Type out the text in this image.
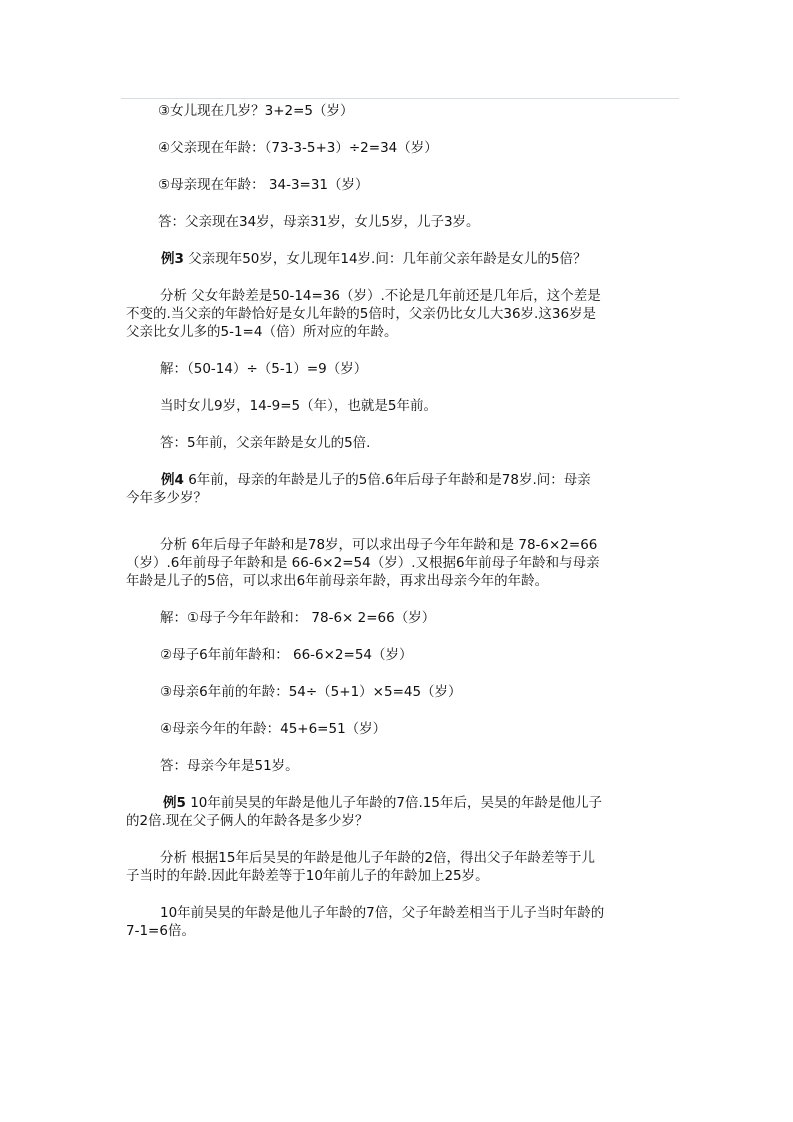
③女儿现在几岁？3+2=5（岁）
④父亲现在年龄：（73-3-5+3）÷2=34（岁）
⑤母亲现在年龄： 34-3=31（岁）
答：父亲现在34岁，母亲31岁，女儿5岁，儿子3岁。
例3 父亲现年50岁，女儿现年14岁.问：几年前父亲年龄是女儿的5倍？
分析 父女年龄差是50-14=36（岁）.不论是几年前还是几年后，这个差是
不变的.当父亲的年龄恰好是女儿年龄的5倍时，父亲仍比女儿大36岁.这36岁是
父亲比女儿多的5-1=4（倍）所对应的年龄。
解：（50-14）÷（5-1）=9（岁）
当时女儿9岁，14-9=5（年），也就是5年前。
答：5年前，父亲年龄是女儿的5倍.
例4 6年前，母亲的年龄是儿子的5倍.6年后母子年龄和是78岁.问：母亲
今年多少岁？
分析 6年后母子年龄和是78岁，可以求出母子今年年龄和是 78-6×2=66
（岁）.6年前母子年龄和是 66-6×2=54（岁）.又根据6年前母子年龄和与母亲
年龄是儿子的5倍，可以求出6年前母亲年龄，再求出母亲今年的年龄。
解：①母子今年年龄和： 78-6× 2=66（岁）
②母子6年前年龄和： 66-6×2=54（岁）
③母亲6年前的年龄：54÷（5+1）×5=45（岁）
④母亲今年的年龄：45+6=51（岁）
答：母亲今年是51岁。
例5 10年前吴昊的年龄是他儿子年龄的7倍.15年后，吴昊的年龄是他儿子
的2倍.现在父子俩人的年龄各是多少岁？
分析 根据15年后吴昊的年龄是他儿子年龄的2倍，得出父子年龄差等于儿
子当时的年龄.因此年龄差等于10年前儿子的年龄加上25岁。
10年前吴昊的年龄是他儿子年龄的7倍，父子年龄差相当于儿子当时年龄的
7-1=6倍。
